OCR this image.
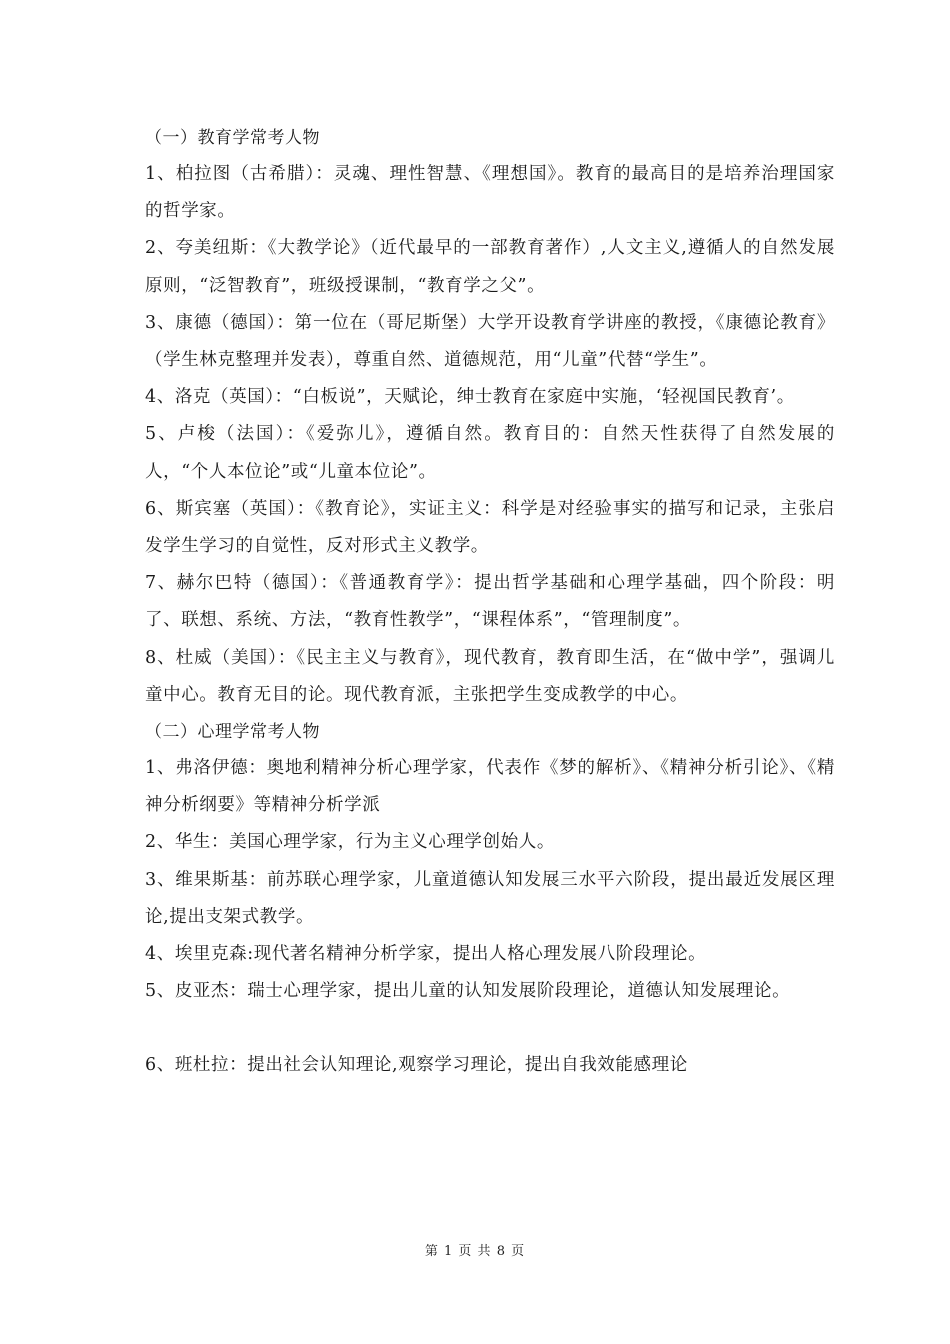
（一）教育学常考人物

1、柏拉图（古希腊）：灵魂、理性智慧、《理想国》。教育的最高目的是培养治理国家的哲学家。

2、夸美纽斯：《大教学论》（近代最早的一部教育著作）,人文主义,遵循人的自然发展原则，“泛智教育”，班级授课制，“教育学之父”。

3、康德（德国）：第一位在（哥尼斯堡）大学开设教育学讲座的教授，《康德论教育》（学生林克整理并发表），尊重自然、道德规范，用“儿童”代替“学生”。

4、洛克（英国）：“白板说”，天赋论，绅士教育在家庭中实施，‘轻视国民教育’。

5、卢梭（法国）：《爱弥儿》，遵循自然。教育目的：自然天性获得了自然发展的人，“个人本位论”或“儿童本位论”。

6、斯宾塞（英国）：《教育论》，实证主义：科学是对经验事实的描写和记录，主张启发学生学习的自觉性，反对形式主义教学。

7、赫尔巴特（德国）：《普通教育学》：提出哲学基础和心理学基础，四个阶段：明了、联想、系统、方法，“教育性教学”，“课程体系”，“管理制度”。

8、杜威（美国）：《民主主义与教育》，现代教育，教育即生活，在“做中学”，强调儿童中心。教育无目的论。现代教育派，主张把学生变成教学的中心。

（二）心理学常考人物

1、弗洛伊德：奥地利精神分析心理学家，代表作《梦的解析》、《精神分析引论》、《精神分析纲要》等精神分析学派

2、华生：美国心理学家，行为主义心理学创始人。

3、维果斯基：前苏联心理学家，儿童道德认知发展三水平六阶段，提出最近发展区理论,提出支架式教学。

4、埃里克森:现代著名精神分析学家，提出人格心理发展八阶段理论。

5、皮亚杰：瑞士心理学家，提出儿童的认知发展阶段理论，道德认知发展理论。

6、班杜拉：提出社会认知理论,观察学习理论，提出自我效能感理论

第 1 页 共 8 页
